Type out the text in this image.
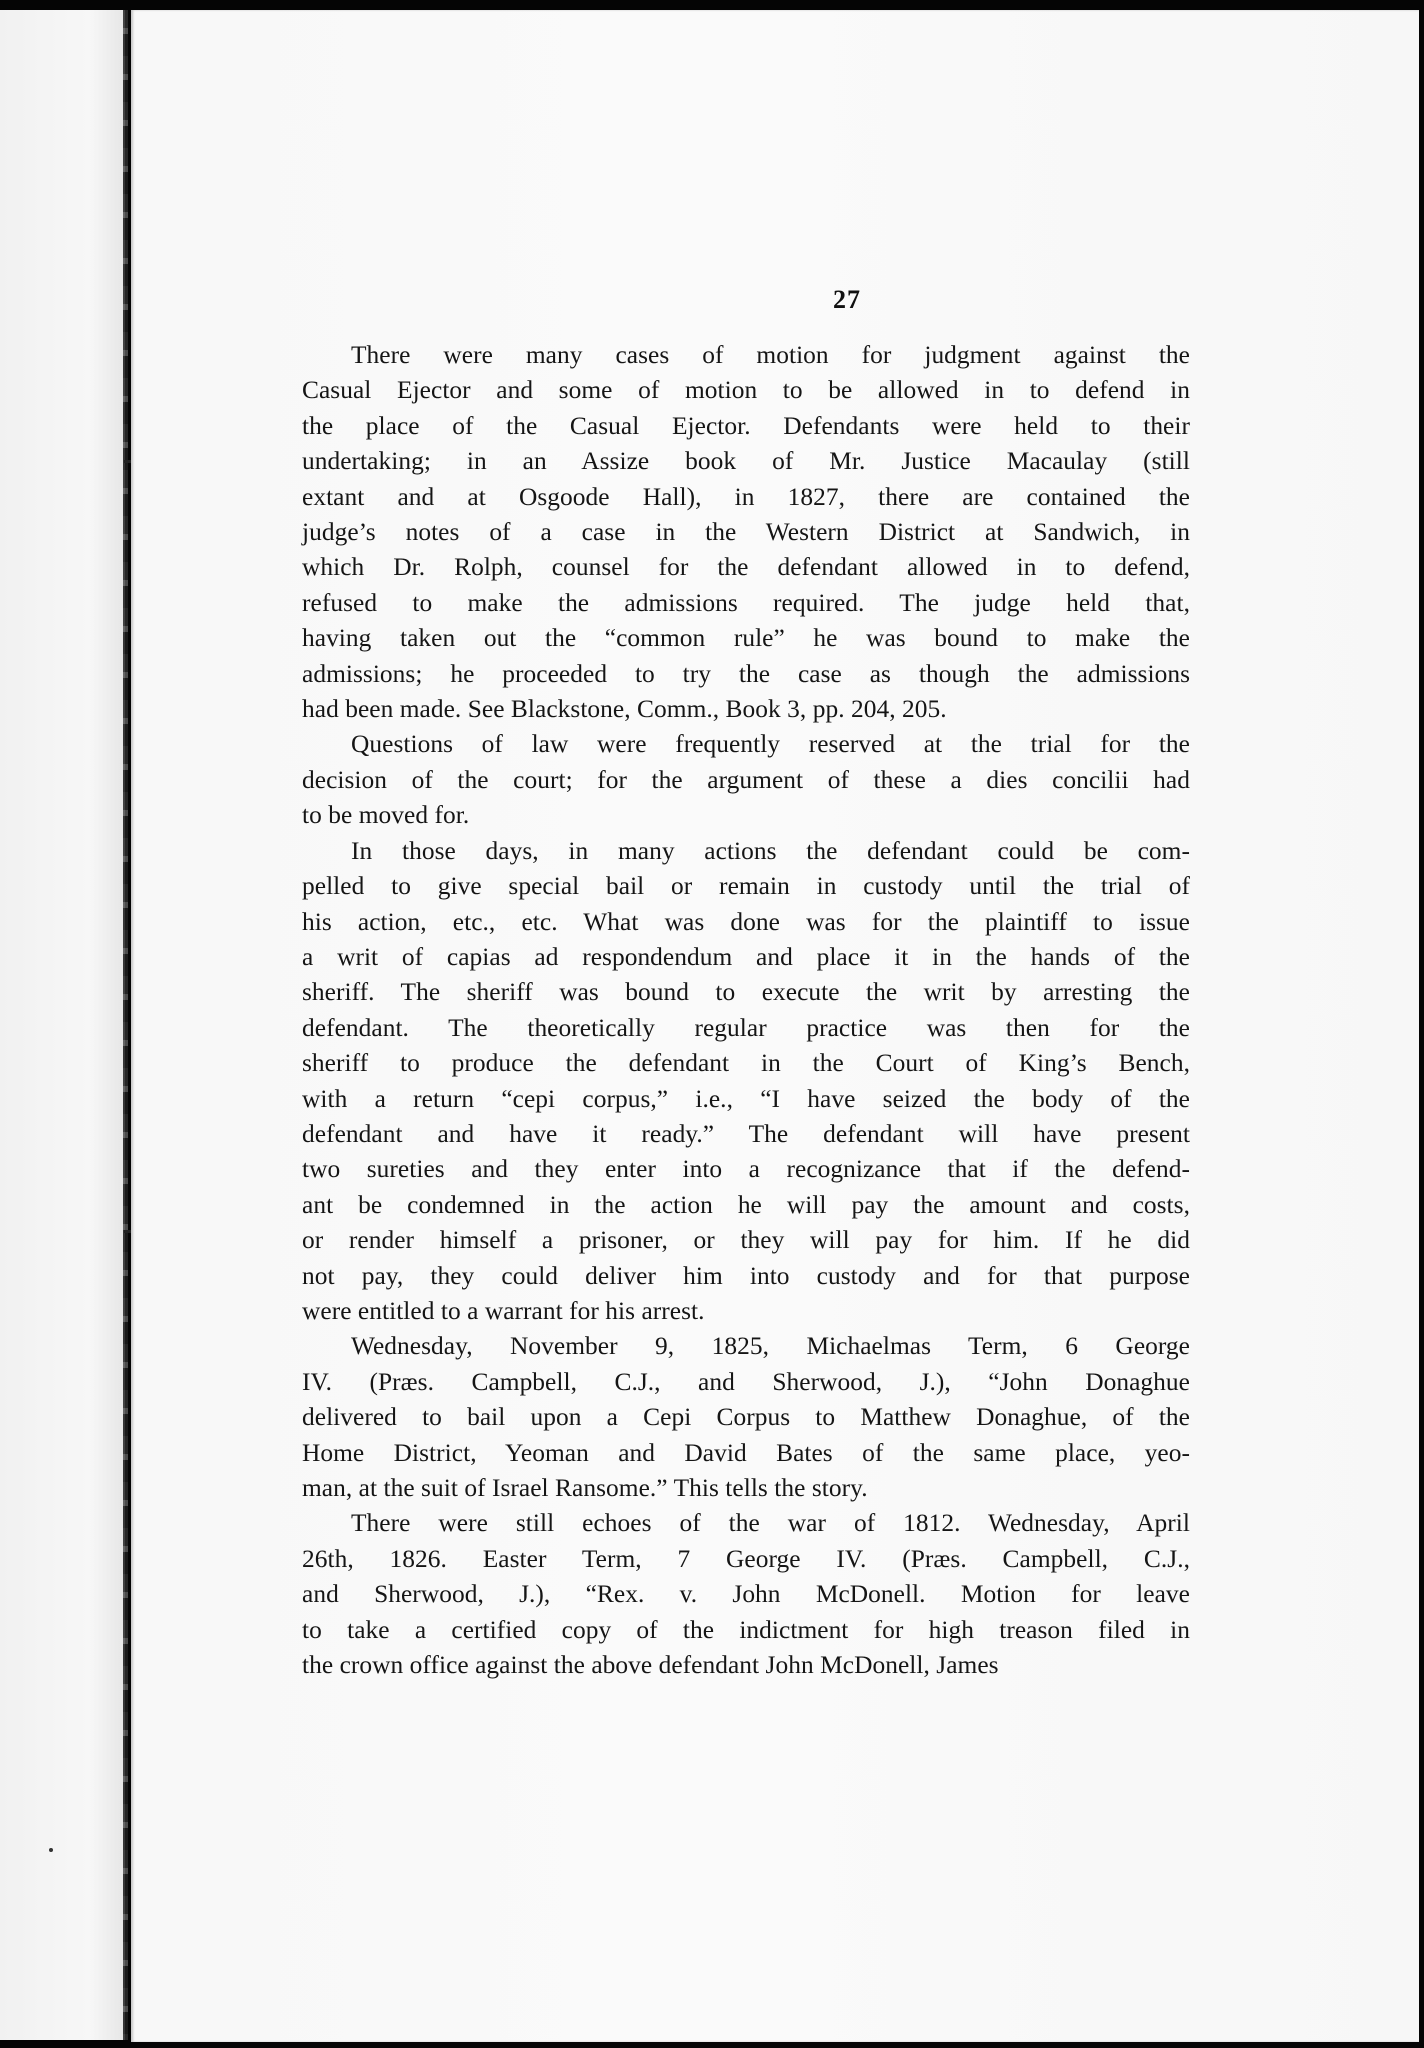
27
There were many cases of motion for judgment against the
Casual Ejector and some of motion to be allowed in to defend in
the place of the Casual Ejector. Defendants were held to their
undertaking; in an Assize book of Mr. Justice Macaulay (still
extant and at Osgoode Hall), in 1827, there are contained the
judge’s notes of a case in the Western District at Sandwich, in
which Dr. Rolph, counsel for the defendant allowed in to defend,
refused to make the admissions required. The judge held that,
having taken out the “common rule” he was bound to make the
admissions; he proceeded to try the case as though the admissions
had been made. See Blackstone, Comm., Book 3, pp. 204, 205.
Questions of law were frequently reserved at the trial for the
decision of the court; for the argument of these a dies concilii had
to be moved for.
In those days, in many actions the defendant could be com-
pelled to give special bail or remain in custody until the trial of
his action, etc., etc. What was done was for the plaintiff to issue
a writ of capias ad respondendum and place it in the hands of the
sheriff. The sheriff was bound to execute the writ by arresting the
defendant. The theoretically regular practice was then for the
sheriff to produce the defendant in the Court of King’s Bench,
with a return “cepi corpus,” i.e., “I have seized the body of the
defendant and have it ready.” The defendant will have present
two sureties and they enter into a recognizance that if the defend-
ant be condemned in the action he will pay the amount and costs,
or render himself a prisoner, or they will pay for him. If he did
not pay, they could deliver him into custody and for that purpose
were entitled to a warrant for his arrest.
Wednesday, November 9, 1825, Michaelmas Term, 6 George
IV. (Præs. Campbell, C.J., and Sherwood, J.), “John Donaghue
delivered to bail upon a Cepi Corpus to Matthew Donaghue, of the
Home District, Yeoman and David Bates of the same place, yeo-
man, at the suit of Israel Ransome.” This tells the story.
There were still echoes of the war of 1812. Wednesday, April
26th, 1826. Easter Term, 7 George IV. (Præs. Campbell, C.J.,
and Sherwood, J.), “Rex. v. John McDonell. Motion for leave
to take a certified copy of the indictment for high treason filed in
the crown office against the above defendant John McDonell, James
